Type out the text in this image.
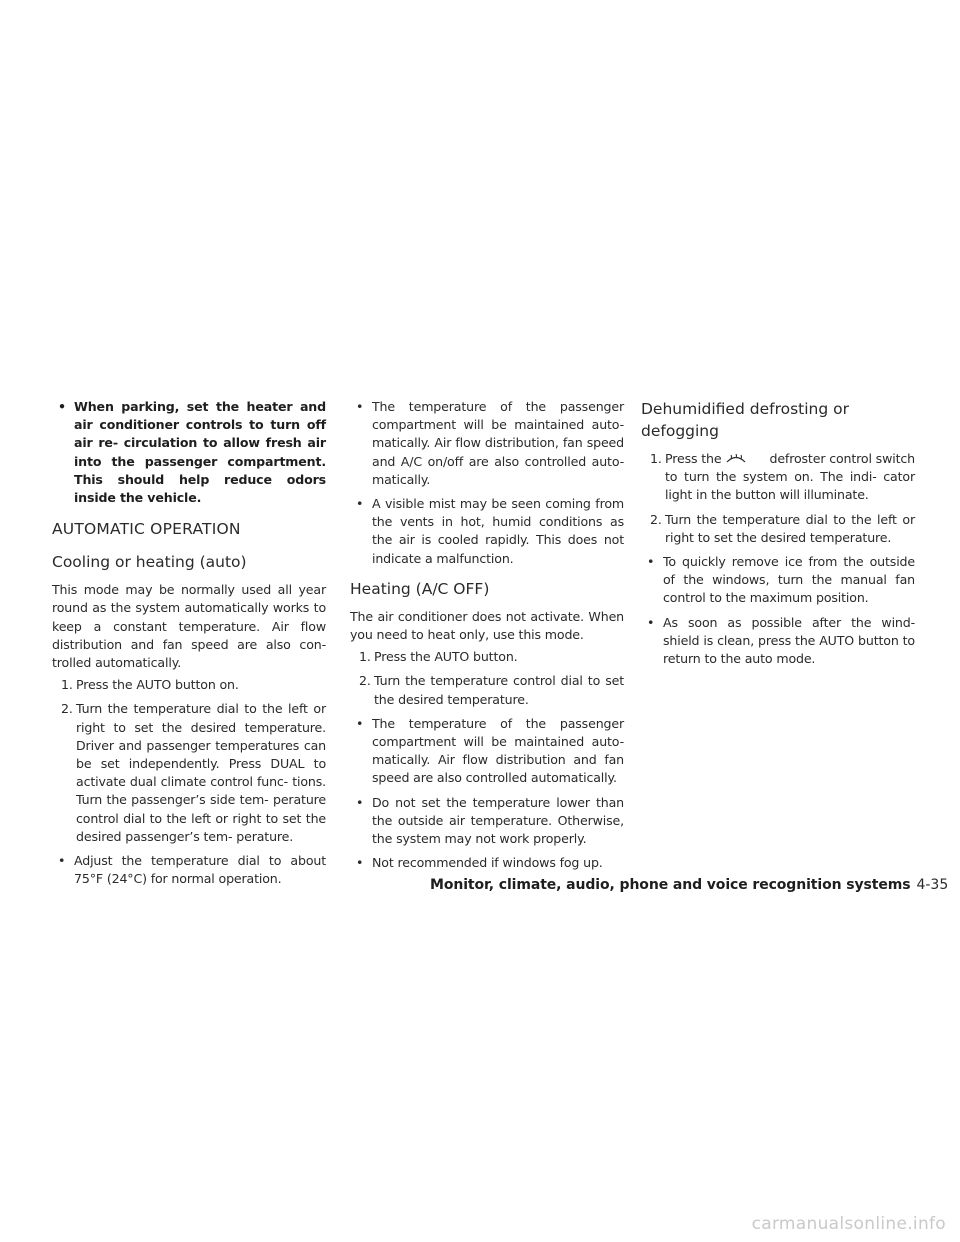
• When parking, set the heater and air conditioner controls to turn off air re- circulation to allow fresh air into the passenger compartment. This should help reduce odors inside the vehicle.
AUTOMATIC OPERATION
Cooling or heating (auto)

This mode may be normally used all year round as the system automatically works to keep a constant temperature. Air flow distribution and fan speed are also con- trolled automatically.

1. Press the AUTO button on.
2. Turn the temperature dial to the left or right to set the desired temperature. Driver and passenger temperatures can be set independently. Press DUAL to activate dual climate control func- tions. Turn the passenger’s side tem- perature control dial to the left or right to set the desired passenger’s tem- perature.
• Adjust the temperature dial to about 75°F (24°C) for normal operation.
• The temperature of the passenger compartment will be maintained auto- matically. Air flow distribution, fan speed and A/C on/off are also controlled auto- matically.
• A visible mist may be seen coming from the vents in hot, humid conditions as the air is cooled rapidly. This does not indicate a malfunction.
Heating (A/C OFF)

The air conditioner does not activate. When you need to heat only, use this mode.

1. Press the AUTO button.
2. Turn the temperature control dial to set the desired temperature.
• The temperature of the passenger compartment will be maintained auto- matically. Air flow distribution and fan speed are also controlled automatically.
• Do not set the temperature lower than the outside air temperature. Otherwise, the system may not work properly.
• Not recommended if windows fog up.
Dehumidified defrosting or
defogging
1. Press the	defroster control switch to turn the system on. The indi- cator light in the button will illuminate.
2. Turn the temperature dial to the left or right to set the desired temperature.
• To quickly remove ice from the outside of the windows, turn the manual fan control to the maximum position.
• As soon as possible after the wind- shield is clean, press the AUTO button to return to the auto mode.
Monitor, climate, audio, phone and voice recognition systems 4-35
carmanualsonline.info
